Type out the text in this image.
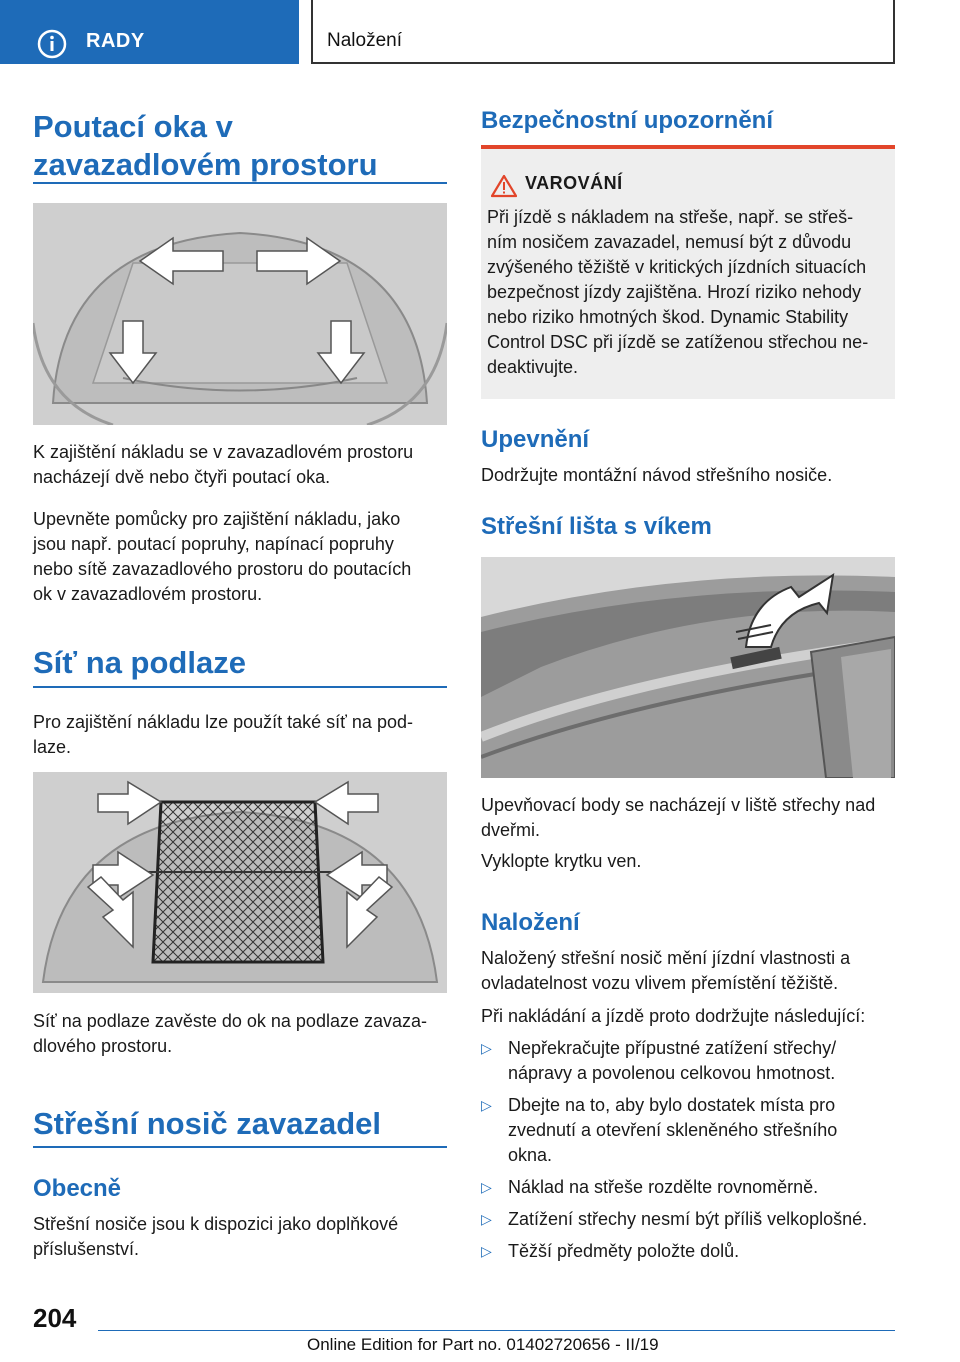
RADY	Naložení
Poutací oka v
zavazadlovém prostoru

K zajištění nákladu se v zavazadlovém prostoru
nacházejí dvě nebo čtyři poutací oka.

Upevněte pomůcky pro zajištění nákladu, jako
jsou např. poutací popruhy, napínací popruhy
nebo sítě zavazadlového prostoru do poutacích
ok v zavazadlovém prostoru.

Síť na podlaze

Pro zajištění nákladu lze použít také síť na pod-
laze.

Síť na podlaze zavěste do ok na podlaze zavaza-
dlového prostoru.

Střešní nosič zavazadel
Obecně

Střešní nosiče jsou k dispozici jako doplňkové
příslušenství.

Bezpečnostní upozornění
VAROVÁNÍ
Při jízdě s nákladem na střeše, např. se střeš-
ním nosičem zavazadel, nemusí být z důvodu
zvýšeného těžiště v kritických jízdních situacích
bezpečnost jízdy zajištěna. Hrozí riziko nehody
nebo riziko hmotných škod. Dynamic Stability
Control DSC při jízdě se zatíženou střechou ne-
deaktivujte.
Upevnění

Dodržujte montážní návod střešního nosiče.

Střešní lišta s víkem

Upevňovací body se nacházejí v liště střechy nad
dveřmi.

Vyklopte krytku ven.

Naložení

Naložený střešní nosič mění jízdní vlastnosti a
ovladatelnost vozu vlivem přemístění těžiště.

Při nakládání a jízdě proto dodržujte následující:

▷ Nepřekračujte přípustné zatížení střechy/
nápravy a povolenou celkovou hmotnost.
▷ Dbejte na to, aby bylo dostatek místa pro
zvednutí a otevření skleněného střešního
okna.
▷ Náklad na střeše rozdělte rovnoměrně.
▷ Zatížení střechy nesmí být příliš velkoplošné.
▷ Těžší předměty položte dolů.
204
Online Edition for Part no. 01402720656 - II/19
